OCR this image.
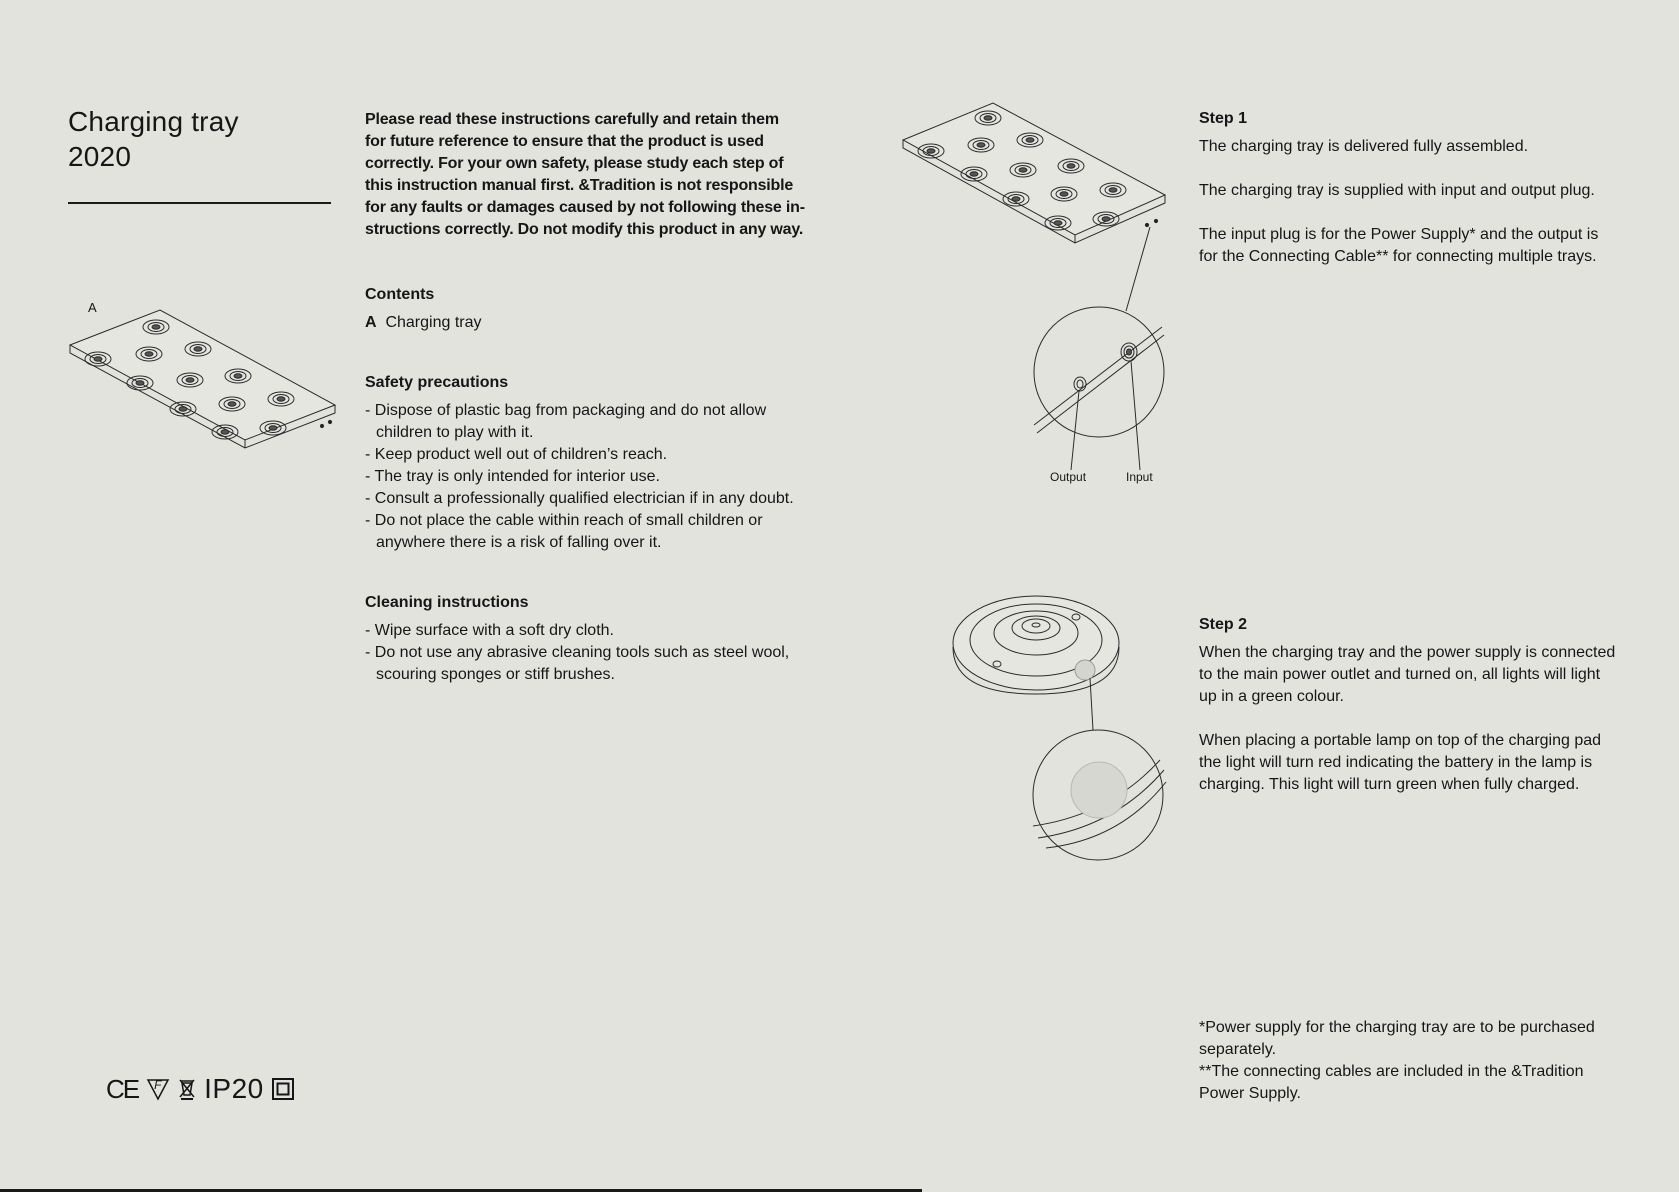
Charging tray
2020
Please read these instructions carefully and retain them
for future reference to ensure that the product is used
correctly. For your own safety, please study each step of
this instruction manual first. &Tradition is not responsible
for any faults or damages caused by not following these in-
structions correctly. Do not modify this product in any way.
Contents
A Charging tray
Safety precautions
- Dispose of plastic bag from packaging and do not allow
children to play with it.
- Keep product well out of children’s reach.
- The tray is only intended for interior use.
- Consult a professionally qualified electrician if in any doubt.
- Do not place the cable within reach of small children or
anywhere there is a risk of falling over it.
Cleaning instructions
- Wipe surface with a soft dry cloth.
- Do not use any abrasive cleaning tools such as steel wool,
scouring sponges or stiff brushes.
A
Output	Input
Step 1
The charging tray is delivered fully assembled.
The charging tray is supplied with input and output plug.
The input plug is for the Power Supply* and the output is
for the Connecting Cable** for connecting multiple trays.
Step 2
When the charging tray and the power supply is connected
to the main power outlet and turned on, all lights will light
up in a green colour.
When placing a portable lamp on top of the charging pad
the light will turn red indicating the battery in the lamp is
charging. This light will turn green when fully charged.
*Power supply for the charging tray are to be purchased
separately.
**The connecting cables are included in the &Tradition
Power Supply.
CE F IP20
